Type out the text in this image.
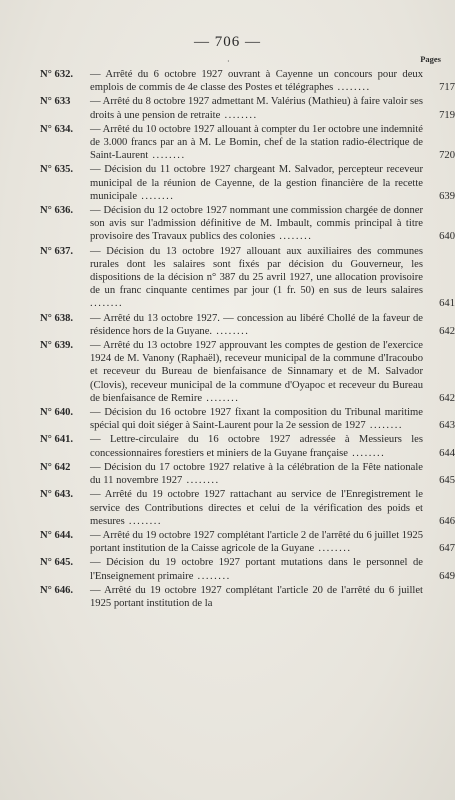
— 706 —
·	Pages
N° 632. — Arrêté du 6 octobre 1927 ouvrant à Cayenne un concours pour deux emplois de commis de 4e classe des Postes et télégraphes ........	717
N° 633 — Arrêté du 8 octobre 1927 admettant M. Valérius (Mathieu) à faire valoir ses droits à une pension de retraite ........	719
N° 634. — Arrêté du 10 octobre 1927 allouant à compter du 1er octobre une indemnité de 3.000 francs par an à M. Le Bomin, chef de la station radio-électrique de Saint-Laurent ........	720
N° 635. — Décision du 11 octobre 1927 chargeant M. Salvador, percepteur receveur municipal de la réunion de Cayenne, de la gestion financière de la recette municipale ........	639
N° 636. — Décision du 12 octobre 1927 nommant une commission chargée de donner son avis sur l'admission définitive de M. Imbault, commis principal à titre provisoire des Travaux publics des colonies ........	640
N° 637. — Décision du 13 octobre 1927 allouant aux auxiliaires des communes rurales dont les salaires sont fixés par décision du Gouverneur, les dispositions de la décision n° 387 du 25 avril 1927, une allocation provisoire de un franc cinquante centimes par jour (1 fr. 50) en sus de leurs salaires ........	641
N° 638. — Arrêté du 13 octobre 1927. — concession au libéré Chollé de la faveur de résidence hors de la Guyane. ........	642
N° 639. — Arrêté du 13 octobre 1927 approuvant les comptes de gestion de l'exercice 1924 de M. Vanony (Raphaël), receveur municipal de la commune d'Iracoubo et receveur du Bureau de bienfaisance de Sinnamary et de M. Salvador (Clovis), receveur municipal de la commune d'Oyapoc et receveur du Bureau de bienfaisance de Remire ........	642
N° 640. — Décision du 16 octobre 1927 fixant la composition du Tribunal maritime spécial qui doit siéger à Saint-Laurent pour la 2e session de 1927 ........	643
N° 641. — Lettre-circulaire du 16 octobre 1927 adressée à Messieurs les concessionnaires forestiers et miniers de la Guyane française ........	644
N° 642 — Décision du 17 octobre 1927 relative à la célébration de la Fête nationale du 11 novembre 1927 ........	645
N° 643. — Arrêté du 19 octobre 1927 rattachant au service de l'Enregistrement le service des Contributions directes et celui de la vérification des poids et mesures ........	646
N° 644. — Arrêté du 19 octobre 1927 complétant l'article 2 de l'arrêté du 6 juillet 1925 portant institution de la Caisse agricole de la Guyane ........	647
N° 645. — Décision du 19 octobre 1927 portant mutations dans le personnel de l'Enseignement primaire ........	649
N° 646. — Arrêté du 19 octobre 1927 complétant l'article 20 de l'arrêté du 6 juillet 1925 portant institution de la
